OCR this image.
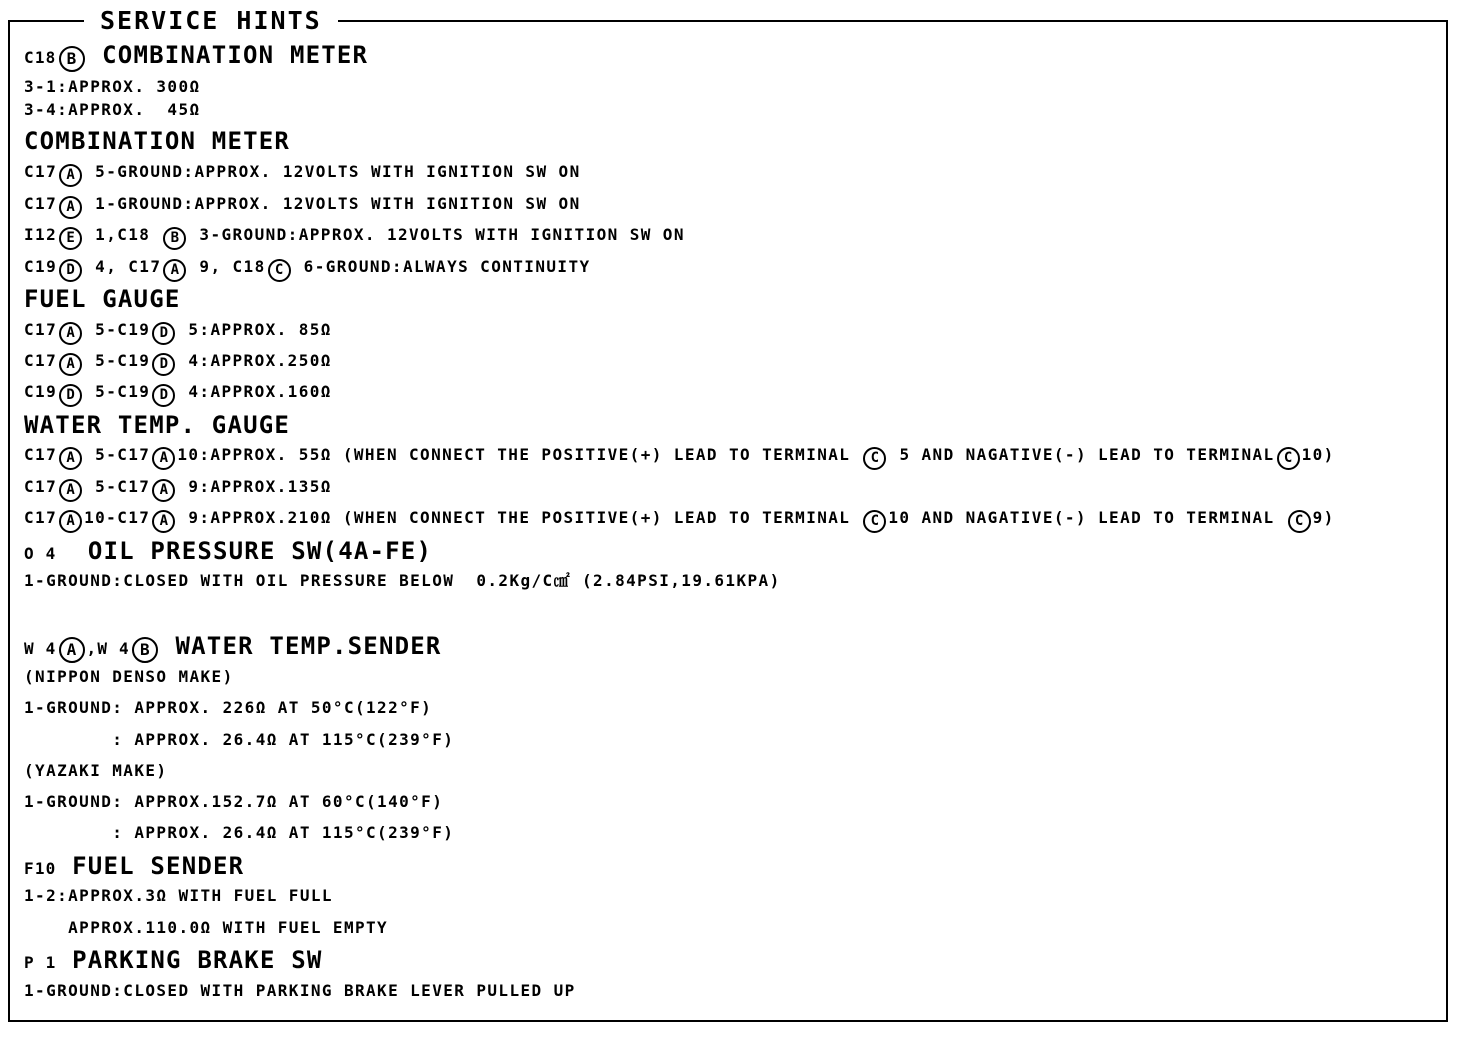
SERVICE HINTS
C18 B COMBINATION METER
3-1:APPROX. 300Ω
3-4:APPROX.  45Ω
COMBINATION METER
C17 A 5-GROUND:APPROX. 12VOLTS WITH IGNITION SW ON
C17 A 1-GROUND:APPROX. 12VOLTS WITH IGNITION SW ON
I12 E 1,C18 B 3-GROUND:APPROX. 12VOLTS WITH IGNITION SW ON
C19 D 4, C17 A 9, C18 C 6-GROUND:ALWAYS CONTINUITY
FUEL GAUGE
C17 A 5-C19 D 5:APPROX. 85Ω
C17 A 5-C19 D 4:APPROX.250Ω
C19 D 5-C19 D 4:APPROX.160Ω
WATER TEMP. GAUGE
C17 A 5-C17 A 10:APPROX. 55Ω (WHEN CONNECT THE POSITIVE(+) LEAD TO TERMINAL C 5 AND NAGATIVE(-) LEAD TO TERMINAL C 10)
C17 A 5-C17 A 9:APPROX.135Ω
C17 A 10-C17 A 9:APPROX.210Ω (WHEN CONNECT THE POSITIVE(+) LEAD TO TERMINAL C 10 AND NAGATIVE(-) LEAD TO TERMINAL C 9)
O 4 OIL PRESSURE SW(4A-FE)
1-GROUND:CLOSED WITH OIL PRESSURE BELOW  0.2Kg/C㎠ (2.84PSI,19.61KPA)
W 4 A ,W 4 B WATER TEMP.SENDER
(NIPPON DENSO MAKE)
1-GROUND: APPROX. 226Ω AT 50°C(122°F)
: APPROX. 26.4Ω AT 115°C(239°F)
(YAZAKI MAKE)
1-GROUND: APPROX.152.7Ω AT 60°C(140°F)
: APPROX. 26.4Ω AT 115°C(239°F)
F10 FUEL SENDER
1-2:APPROX.3Ω WITH FUEL FULL
APPROX.110.0Ω WITH FUEL EMPTY
P 1 PARKING BRAKE SW
1-GROUND:CLOSED WITH PARKING BRAKE LEVER PULLED UP
